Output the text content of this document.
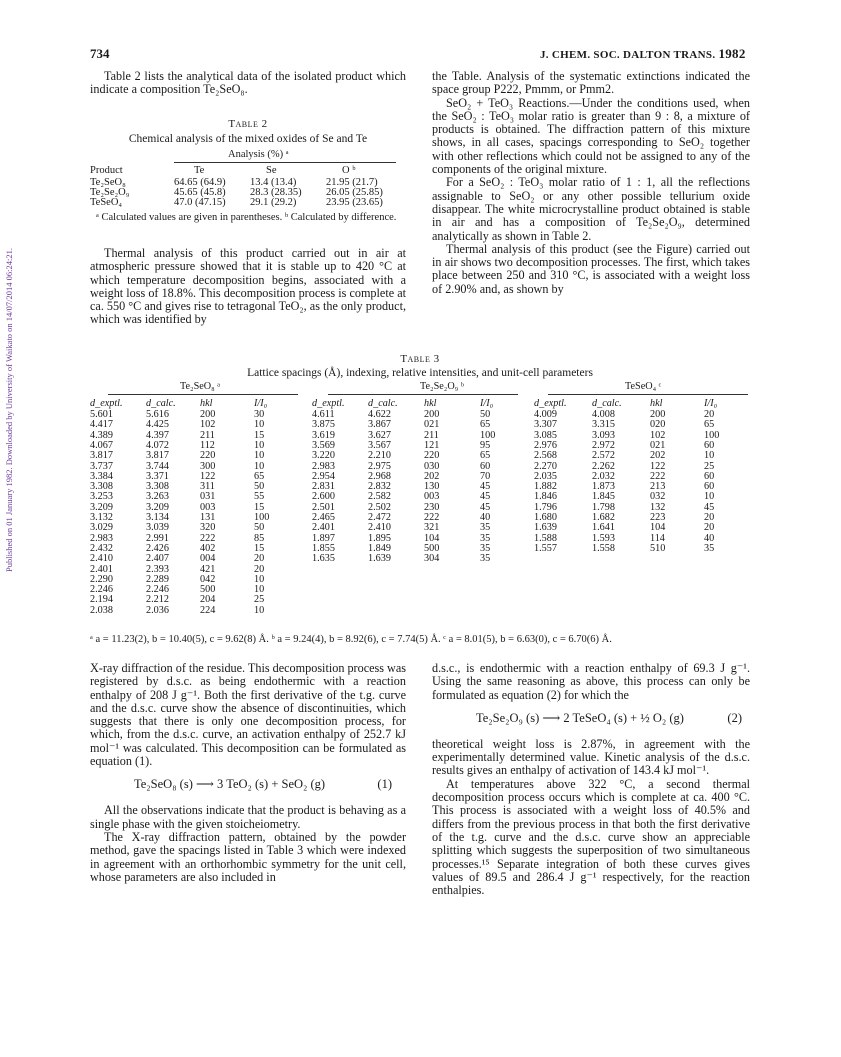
Published on 01 January 1982. Downloaded by University of Waikato on 14/07/2014 06:24:21.
734	J. CHEM. SOC. DALTON TRANS. 1982

Table 2 lists the analytical data of the isolated product which indicate a composition Te₂SeO₈.

Table 2
Chemical analysis of the mixed oxides of Se and Te
Analysis (%) ᵃ
Product	Te	Se	O ᵇ
Te₂SeO₈	64.65 (64.9) 13.4 (13.4)	21.95 (21.7)
Te₂Se₂O₉	45.65 (45.8) 28.3 (28.35) 26.05 (25.85)
TeSeO₄	47.0 (47.15) 29.1 (29.2)	23.95 (23.65)
ᵃ Calculated values are given in parentheses. ᵇ Calculated by difference.

Thermal analysis of this product carried out in air at atmospheric pressure showed that it is stable up to 420 °C at which temperature decomposition begins, associated with a weight loss of 18.8%. This decomposition process is complete at ca. 550 °C and gives rise to tetragonal TeO₂, as the only product, which was identified by

the Table. Analysis of the systematic extinctions indicated the space group P222, Pmmm, or Pmm2.

SeO₂ + TeO₃ Reactions.—Under the conditions used, when the SeO₂ : TeO₃ molar ratio is greater than 9 : 8, a mixture of products is obtained. The diffraction pattern of this mixture shows, in all cases, spacings corresponding to SeO₂ together with other reflections which could not be assigned to any of the components of the original mixture.

For a SeO₂ : TeO₃ molar ratio of 1 : 1, all the reflections assignable to SeO₂ or any other possible tellurium oxide disappear. The white microcrystalline product obtained is stable in air and has a composition of Te₂Se₂O₉, determined analytically as shown in Table 2.

Thermal analysis of this product (see the Figure) carried out in air shows two decomposition processes. The first, which takes place between 250 and 310 °C, is associated with a weight loss of 2.90% and, as shown by

Table 3
Lattice spacings (Å), indexing, relative intensities, and unit-cell parameters
Te₂SeO₈ ᵃ	Te₂Se₂O₉ ᵇ	TeSeO₄ ᶜ
d_exptl. d_calc. hkl	I/I₀
5.601	5.616	200	30
4.417	4.425	102	10
4.389	4.397	211	15
4.067	4.072	112	10
3.817	3.817	220	10
3.737	3.744	300	10
3.384	3.371	122	65
3.308	3.308	311	50
3.253	3.263	031	55
3.209	3.209	003	15
3.132	3.134	131	100
3.029	3.039	320	50
2.983	2.991	222	85
2.432	2.426	402	15
2.410	2.407	004	20
2.401	2.393	421	20
2.290	2.289	042	10
2.246	2.246	500	10
2.194	2.212	204	25
2.038	2.036	224	10
d_exptl. d_calc.	hkl	I/I₀
4.611	4.622	200	50
3.875	3.867	021	65
3.619	3.627	211	100
3.569	3.567	121	95
3.220	2.210	220	65
2.983	2.975	030	60
2.954	2.968	202	70
2.831	2.832	130	45
2.600	2.582	003	45
2.501	2.502	230	45
2.465	2.472	222	40
2.401	2.410	321	35
1.897	1.895	104	35
1.855	1.849	500	35
1.635	1.639	304	35
d_exptl. d_calc.	hkl	I/I₀
4.009	4.008	200	20
3.307	3.315	020	65
3.085	3.093	102	100
2.976	2.972	021	60
2.568	2.572	202	10
2.270	2.262	122	25
2.035	2.032	222	60
1.882	1.873	213	60
1.846	1.845	032	10
1.796	1.798	132	45
1.680	1.682	223	20
1.639	1.641	104	20
1.588	1.593	114	40
1.557	1.558	510	35
ᵃ a = 11.23(2), b = 10.40(5), c = 9.62(8) Å. ᵇ a = 9.24(4), b = 8.92(6), c = 7.74(5) Å. ᶜ a = 8.01(5), b = 6.63(0), c = 6.70(6) Å.

X-ray diffraction of the residue. This decomposition process was registered by d.s.c. as being endothermic with a reaction enthalpy of 208 J g⁻¹. Both the first derivative of the t.g. curve and the d.s.c. curve show the absence of discontinuities, which suggests that there is only one decomposition process, for which, from the d.s.c. curve, an activation enthalpy of 252.7 kJ mol⁻¹ was calculated. This decomposition can be formulated as equation (1).

Te₂SeO₈ (s) ⟶ 3 TeO₂ (s) + SeO₂ (g)	(1)

All the observations indicate that the product is behaving as a single phase with the given stoicheiometry.

The X-ray diffraction pattern, obtained by the powder method, gave the spacings listed in Table 3 which were indexed in agreement with an orthorhombic symmetry for the unit cell, whose parameters are also included in

d.s.c., is endothermic with a reaction enthalpy of 69.3 J g⁻¹. Using the same reasoning as above, this process can only be formulated as equation (2) for which the

Te₂Se₂O₉ (s) ⟶ 2 TeSeO₄ (s) + ½ O₂ (g)	(2)

theoretical weight loss is 2.87%, in agreement with the experimentally determined value. Kinetic analysis of the d.s.c. results gives an enthalpy of activation of 143.4 kJ mol⁻¹.

At temperatures above 322 °C, a second thermal decomposition process occurs which is complete at ca. 400 °C. This process is associated with a weight loss of 40.5% and differs from the previous process in that both the first derivative of the t.g. curve and the d.s.c. curve show an appreciable splitting which suggests the superposition of two simultaneous processes.¹⁵ Separate integration of both these curves gives values of 89.5 and 286.4 J g⁻¹ respectively, for the reaction enthalpies.
